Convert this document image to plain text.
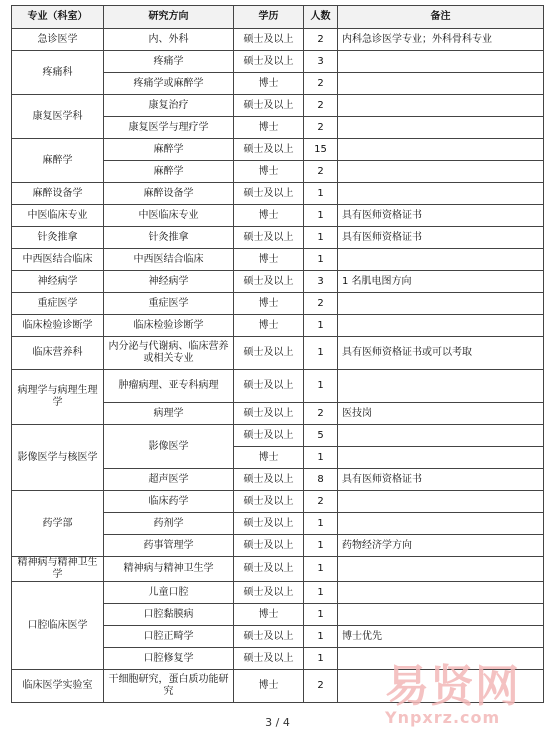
专业（科室）	研究方向	学历	人数	备注
急诊医学	内、外科	硕士及以上	2	内科急诊医学专业；外科骨科专业
疼痛科	疼痛学	硕士及以上	3	
	疼痛学或麻醉学	博士	2	
康复医学科	康复治疗	硕士及以上	2	
	康复医学与理疗学	博士	2	
麻醉学	麻醉学	硕士及以上	15	
	麻醉学	博士	2	
麻醉设备学	麻醉设备学	硕士及以上	1	
中医临床专业	中医临床专业	博士	1	具有医师资格证书
针灸推拿	针灸推拿	硕士及以上	1	具有医师资格证书
中西医结合临床	中西医结合临床	博士	1	
神经病学	神经病学	硕士及以上	3	1 名肌电图方向
重症医学	重症医学	博士	2	
临床检验诊断学	临床检验诊断学	博士	1	
临床营养科	内分泌与代谢病、临床营养或相关专业	硕士及以上	1	具有医师资格证书或可以考取
病理学与病理生理学	肿瘤病理、亚专科病理	硕士及以上	1	
	病理学	硕士及以上	2	医技岗
影像医学与核医学	影像医学	硕士及以上	5	
		博士	1	
	超声医学	硕士及以上	8	具有医师资格证书
药学部	临床药学	硕士及以上	2	
	药剂学	硕士及以上	1	
	药事管理学	硕士及以上	1	药物经济学方向
精神病与精神卫生学	精神病与精神卫生学	硕士及以上	1	
口腔临床医学	儿童口腔	硕士及以上	1	
	口腔黏膜病	博士	1	
	口腔正畸学	硕士及以上	1	博士优先
	口腔修复学	硕士及以上	1	
临床医学实验室	干细胞研究，蛋白质功能研究	博士	2	
3 / 4
易贤网
Ynpxrz.com
